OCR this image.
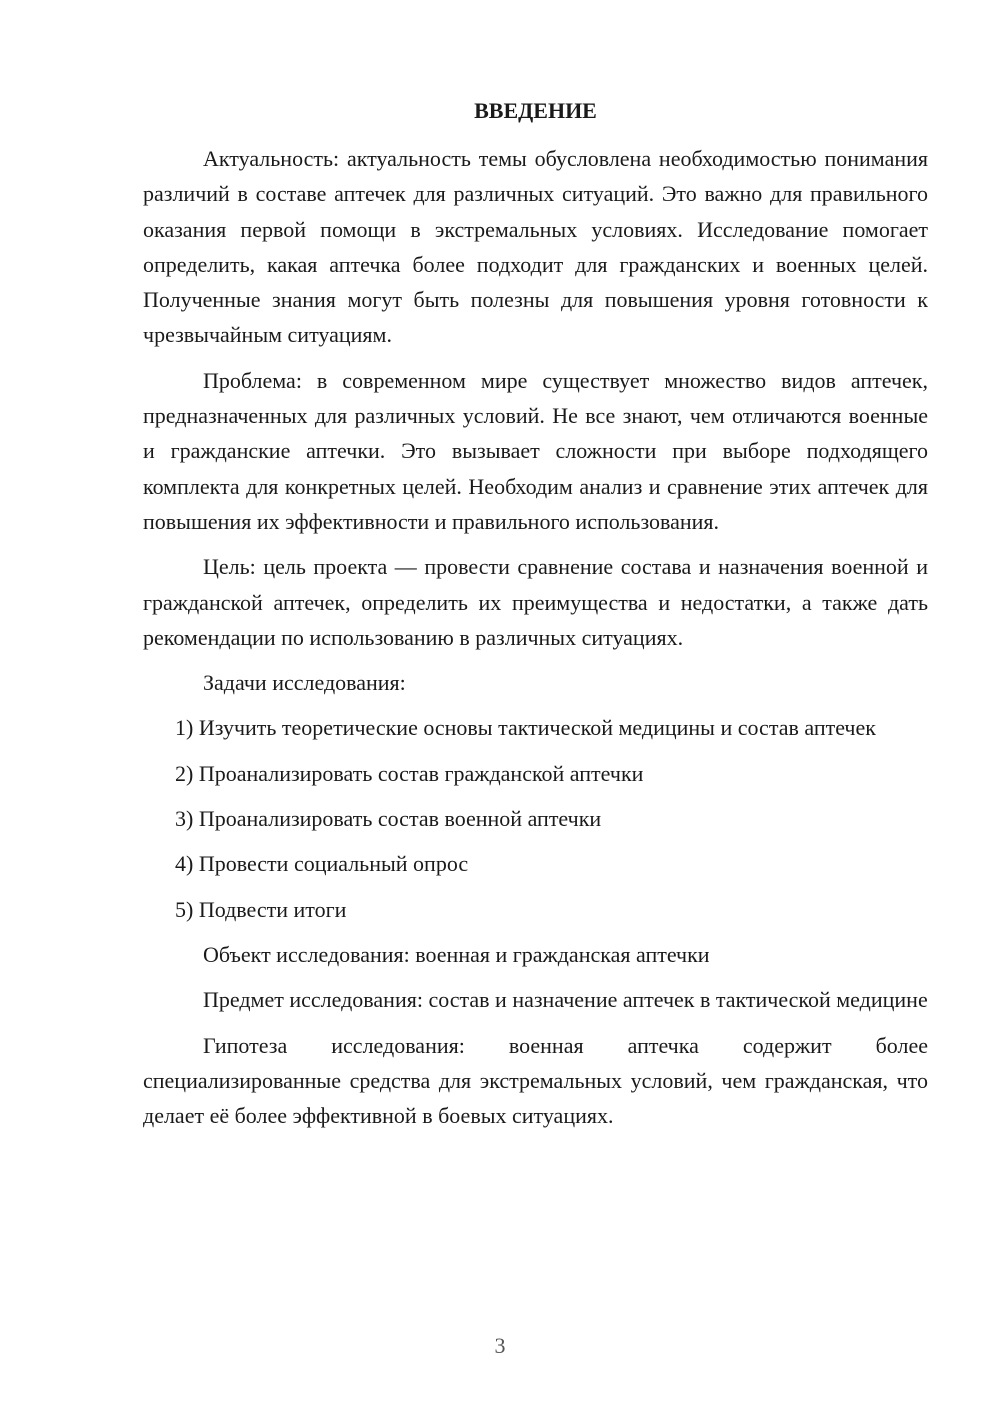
ВВЕДЕНИЕ

Актуальность: актуальность темы обусловлена необходимостью понимания различий в составе аптечек для различных ситуаций. Это важно для правильного оказания первой помощи в экстремальных условиях. Исследование помогает определить, какая аптечка более подходит для гражданских и военных целей. Полученные знания могут быть полезны для повышения уровня готовности к чрезвычайным ситуациям.

Проблема: в современном мире существует множество видов аптечек, предназначенных для различных условий. Не все знают, чем отличаются военные и гражданские аптечки. Это вызывает сложности при выборе подходящего комплекта для конкретных целей. Необходим анализ и сравнение этих аптечек для повышения их эффективности и правильного использования.

Цель: цель проекта — провести сравнение состава и назначения военной и гражданской аптечек, определить их преимущества и недостатки, а также дать рекомендации по использованию в различных ситуациях.

Задачи исследования:

1) Изучить теоретические основы тактической медицины и состав аптечек

2) Проанализировать состав гражданской аптечки

3) Проанализировать состав военной аптечки

4) Провести социальный опрос

5) Подвести итоги

Объект исследования: военная и гражданская аптечки

Предмет исследования: состав и назначение аптечек в тактической медицине

Гипотеза исследования: военная аптечка содержит более специализированные средства для экстремальных условий, чем гражданская, что делает её более эффективной в боевых ситуациях.

3
